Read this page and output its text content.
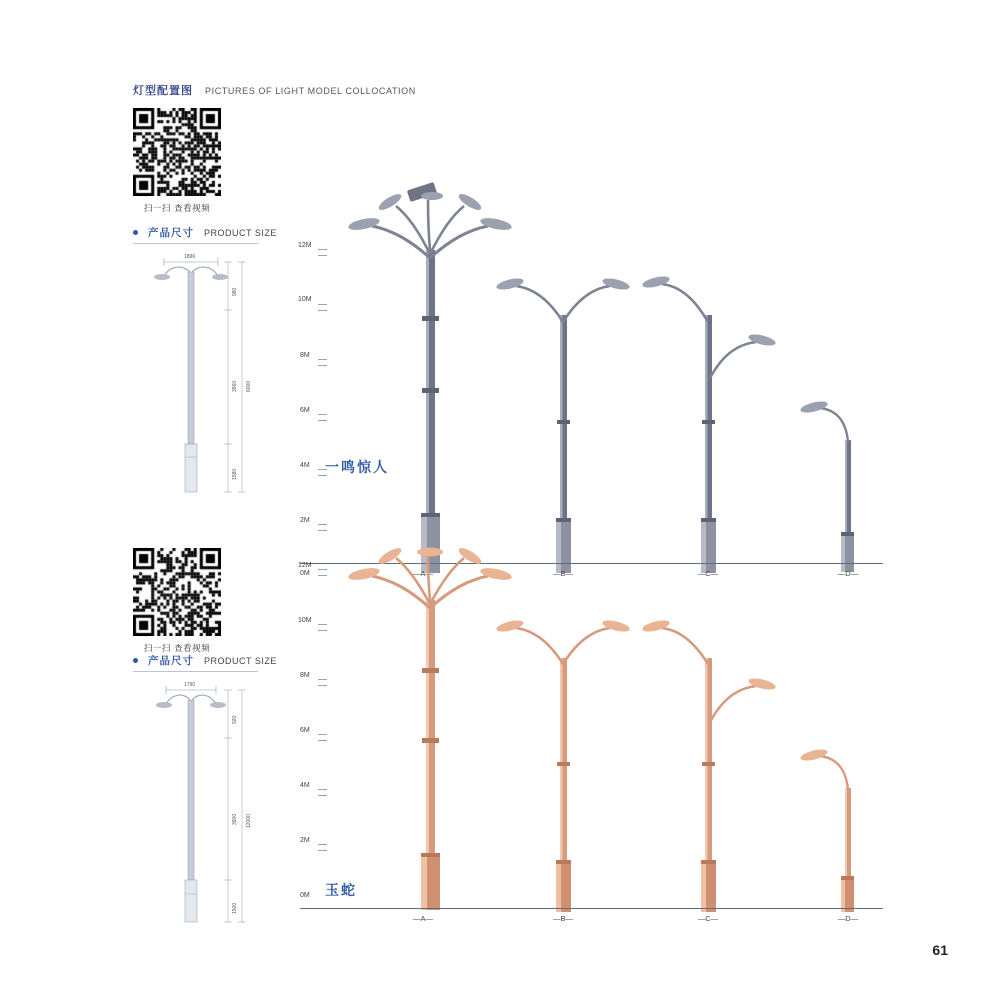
灯型配置图 PICTURES OF LIGHT MODEL COLLOCATION
扫一扫 查看视频
产品尺寸 PRODUCT SIZE
1896
980
3960 6000
1580
12M
10M
8M
6M
4M
2M
0M	—A—	—B—	—C—	—D—
一鸣惊人
扫一扫 查看视频
产品尺寸 PRODUCT SIZE
1790
920
3900 12000
1500
12M
10M
8M
6M
4M
2M
0M
—A—	—B—	—C—	—D—
玉蛇
61
